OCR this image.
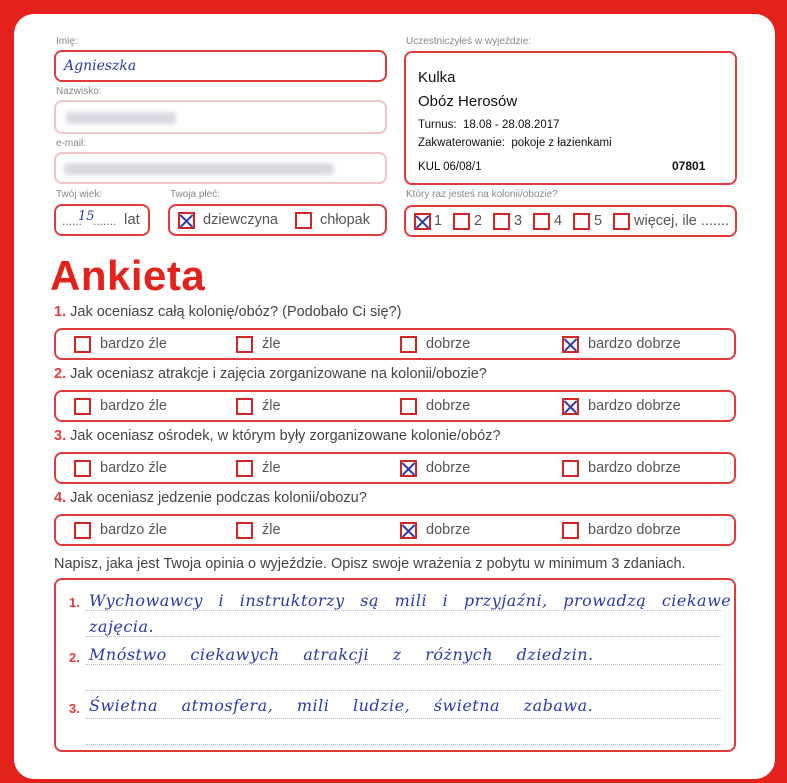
Imię:
Agnieszka
Nazwisko:
e-mail:
Twój wiek:
......
15
....... lat
Twoja płeć:
dziewczyna	chłopak
Uczestniczyłeś w wyjeździe:
Kulka
Obóz Herosów
Turnus: 18.08 - 28.08.2017
Zakwaterowanie: pokoje z łazienkami
KUL 06/08/1	07801
Który raz jesteś na kolonii/obozie?
1 2 3 4 5 więcej, ile .......
Ankieta
1. Jak oceniasz całą kolonię/obóz? (Podobało Ci się?)
bardzo źle	źle	dobrze	bardzo dobrze
2. Jak oceniasz atrakcje i zajęcia zorganizowane na kolonii/obozie?
bardzo źle	źle	dobrze	bardzo dobrze
3. Jak oceniasz ośrodek, w którym były zorganizowane kolonie/obóz?
bardzo źle	źle	dobrze	bardzo dobrze
4. Jak oceniasz jedzenie podczas kolonii/obozu?
bardzo źle	źle	dobrze	bardzo dobrze
Napisz, jaka jest Twoja opinia o wyjeździe. Opisz swoje wrażenia z pobytu w minimum 3 zdaniach.
1. Wychowawcy i instruktorzy są mili i przyjaźni, prowadzą ciekawe
zajęcia.
2. Mnóstwo ciekawych atrakcji z różnych dziedzin.
3. Świetna atmosfera, mili ludzie, świetna zabawa.
